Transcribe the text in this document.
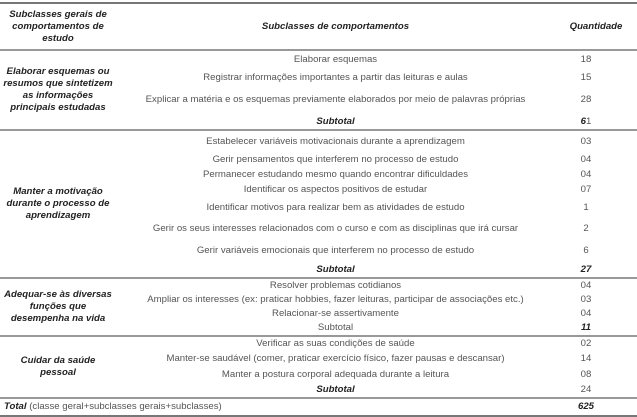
Subclasses gerais de comportamentos de estudo	Subclasses de comportamentos	Quantidade
Elaborar esquemas ou resumos que sintetizem as informações principais estudadas	Elaborar esquemas	18
	Registrar informações importantes a partir das leituras e aulas	15
	Explicar a matéria e os esquemas previamente elaborados por meio de palavras próprias	28
	Subtotal	61
Manter a motivação durante o processo de aprendizagem	Estabelecer variáveis motivacionais durante a aprendizagem	03
	Gerir pensamentos que interferem no processo de estudo	04
	Permanecer estudando mesmo quando encontrar dificuldades	04
	Identificar os aspectos positivos de estudar	07
	Identificar motivos para realizar bem as atividades de estudo	1
	Gerir os seus interesses relacionados com o curso e com as disciplinas que irá cursar	2
	Gerir variáveis emocionais que interferem no processo de estudo	6
	Subtotal	27
Adequar-se às diversas funções que desempenha na vida	Resolver problemas cotidianos	04
	Ampliar os interesses (ex: praticar hobbies, fazer leituras, participar de associações etc.)	03
	Relacionar-se assertivamente	04
	Subtotal	11
Cuidar da saúde pessoal	Verificar as suas condições de saúde	02
	Manter-se saudável (comer, praticar exercício físico, fazer pausas e descansar)	14
	Manter a postura corporal adequada durante a leitura	08
	Subtotal	24
Total (classe geral+subclasses gerais+subclasses)		625
